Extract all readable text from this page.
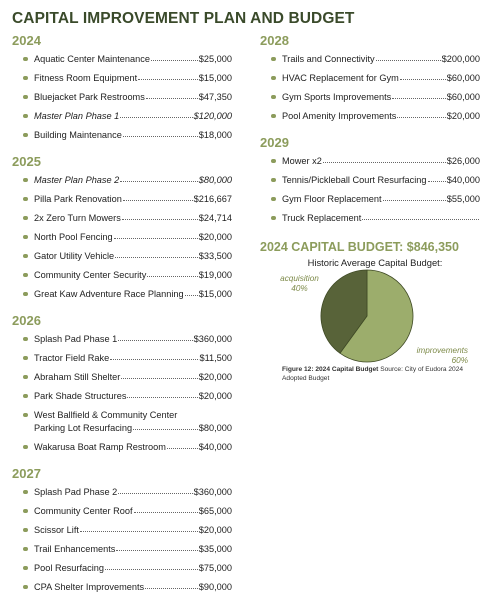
CAPITAL IMPROVEMENT PLAN AND BUDGET
2024
Aquatic Center Maintenance	$25,000
Fitness Room Equipment	$15,000
Bluejacket Park Restrooms	$47,350
Master Plan Phase 1	$120,000
Building Maintenance	$18,000
2025
Master Plan Phase 2	$80,000
Pilla Park Renovation	$216,667
2x Zero Turn Mowers	$24,714
North Pool Fencing	$20,000
Gator Utility Vehicle	$33,500
Community Center Security	$19,000
Great Kaw Adventure Race Planning $15,000
2026
Splash Pad Phase 1	$360,000
Tractor Field Rake	$11,500
Abraham Still Shelter	$20,000
Park Shade Structures	$20,000
West Ballfield & Community Center
Parking Lot Resurfacing	$80,000
Wakarusa Boat Ramp Restroom	$40,000
2027
Splash Pad Phase 2	$360,000
Community Center Roof	$65,000
Scissor Lift	$20,000
Trail Enhancements	$35,000
Pool Resurfacing	$75,000
CPA Shelter Improvements	$90,000
2028
Trails and Connectivity	$200,000
HVAC Replacement for Gym	$60,000
Gym Sports Improvements	$60,000
Pool Amenity Improvements	$20,000
2029
Mower x2	$26,000
Tennis/Pickleball Court Resurfacing $40,000
Gym Floor Replacement	$55,000
Truck Replacement
2024 CAPITAL BUDGET: $846,350
Historic Average Capital Budget:
acquisition
40%
improvements
60%
Figure 12: 2024 Capital Budget Source: City of Eudora 2024 Adopted Budget
